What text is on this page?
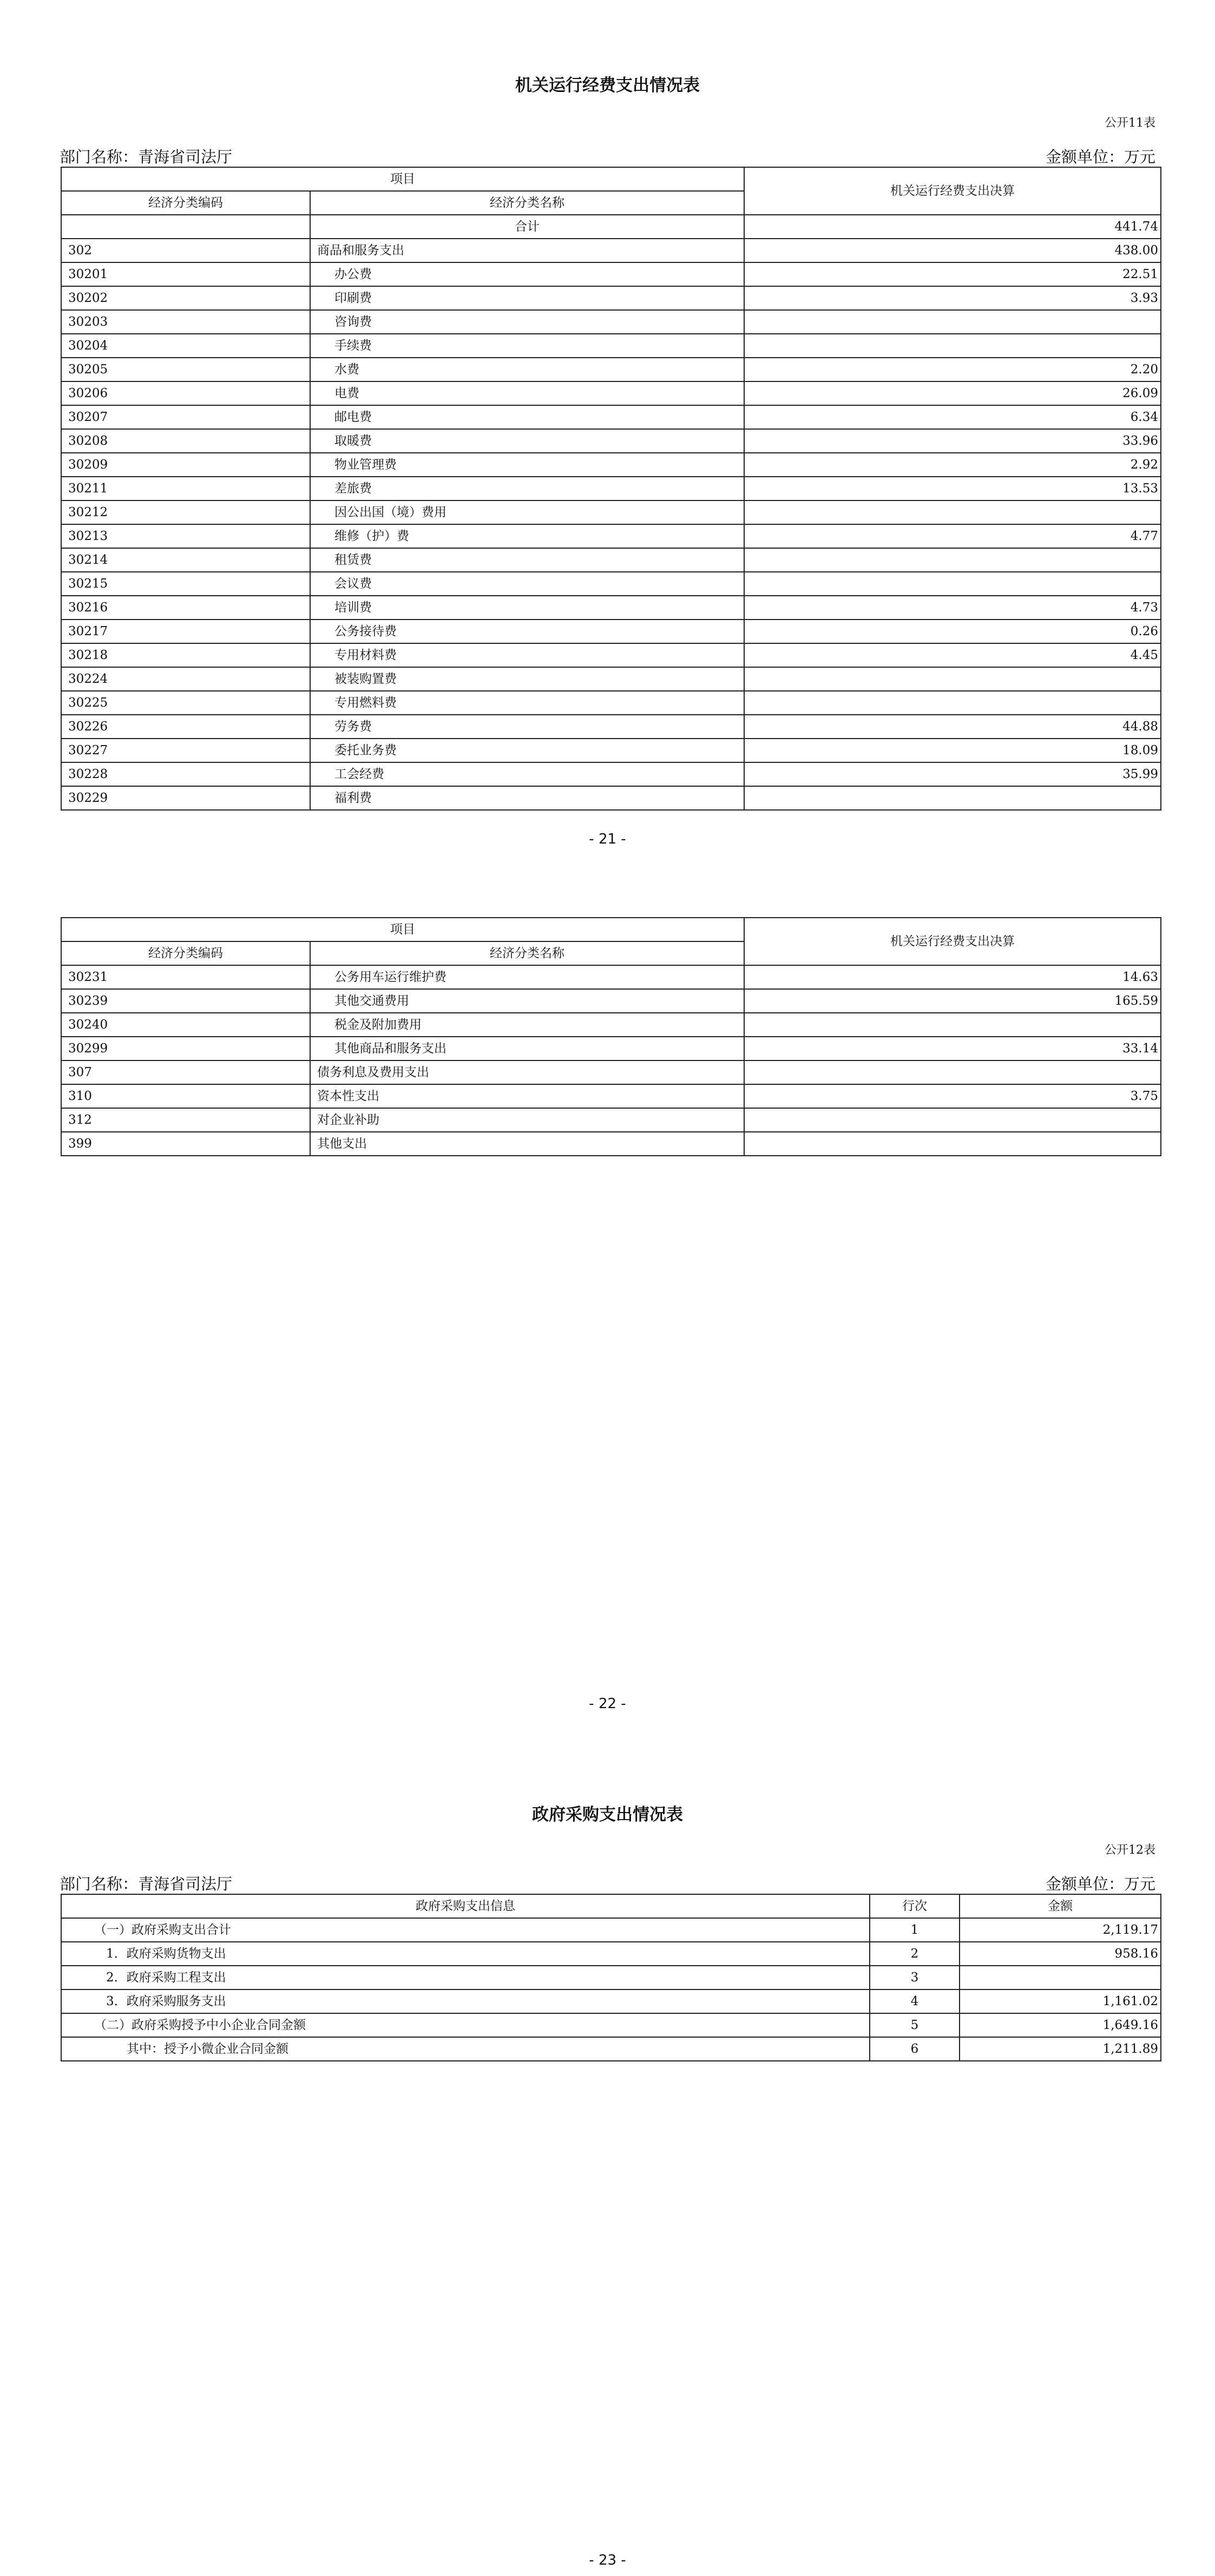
机关运行经费支出情况表
公开11表
部门名称：青海省司法厅	金额单位：万元
项目		机关运行经费支出决算
经济分类编码	经济分类名称	
	合计	441.74
302	商品和服务支出	438.00
30201	办公费	22.51
30202	印刷费	3.93
30203	咨询费	
30204	手续费	
30205	水费	2.20
30206	电费	26.09
30207	邮电费	6.34
30208	取暖费	33.96
30209	物业管理费	2.92
30211	差旅费	13.53
30212	因公出国（境）费用	
30213	维修（护）费	4.77
30214	租赁费	
30215	会议费	
30216	培训费	4.73
30217	公务接待费	0.26
30218	专用材料费	4.45
30224	被装购置费	
30225	专用燃料费	
30226	劳务费	44.88
30227	委托业务费	18.09
30228	工会经费	35.99
30229	福利费	
- 21 -
项目		机关运行经费支出决算
经济分类编码	经济分类名称	
30231	公务用车运行维护费	14.63
30239	其他交通费用	165.59
30240	税金及附加费用	
30299	其他商品和服务支出	33.14
307	债务利息及费用支出	
310	资本性支出	3.75
312	对企业补助	
399	其他支出	
- 22 -
政府采购支出情况表
公开12表
部门名称：青海省司法厅	金额单位：万元
政府采购支出信息	行次	金额
（一）政府采购支出合计	1	2,119.17
1．政府采购货物支出	2	958.16
2．政府采购工程支出	3	
3．政府采购服务支出	4	1,161.02
（二）政府采购授予中小企业合同金额	5	1,649.16
其中：授予小微企业合同金额	6	1,211.89
- 23 -
